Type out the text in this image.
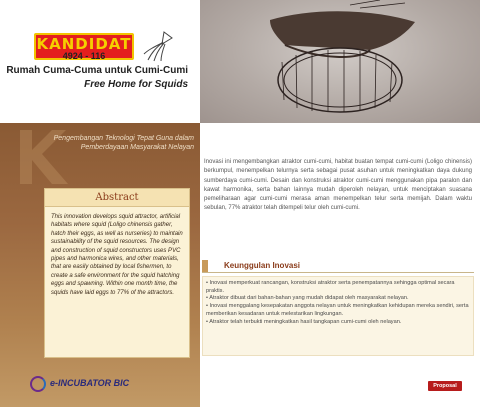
KANDIDAT
4924 - 116
Rumah Cuma-Cuma untuk Cumi-Cumi
Free Home for Squids
Pengembangan Teknologi Tepat Guna dalam Pemberdayaan Masyarakat Nelayan
Abstract
This innovation develops squid attractor, artificial habitats where squid (Loligo chinensis gather, hatch their eggs, as well as nurseries) to maintain sustainability of the squid resources. The design and construction of squid constructors uses PVC pipes and harmonica wires, and other materials, that are easily obtained by local fishermen, to create a safe environment for the squid hatching eggs and spawning. Within one month time, the squids have laid eggs to 77% of the attractors.
e-INCUBATOR BIC
Inovasi ini mengembangkan atraktor cumi-cumi, habitat buatan tempat cumi-cumi (Loligo chinensis) berkumpul, menempelkan telurnya serta sebagai pusat asuhan untuk meningkatkan daya dukung sumberdaya cumi-cumi. Desain dan konstruksi atraktor cumi-cumi menggunakan pipa paralon dan kawat harmonika, serta bahan lainnya mudah diperoleh nelayan, untuk menciptakan suasana pemeliharaan agar cumi-cumi merasa aman menempelkan telur serta memijah. Dalam waktu sebulan, 77% atraktor telah ditempeli telur oleh cumi-cumi.
Keunggulan Inovasi
• Inovasi memperkuat rancangan, konstruksi atraktor serta penempatannya sehingga optimal secara praktis.
• Atraktor dibuat dari bahan-bahan yang mudah didapat oleh masyarakat nelayan.
• Inovasi menggalang kesepakatan anggota nelayan untuk meningkatkan kehidupan mereka sendiri, serta memberikan kesadaran untuk melestarikan lingkungan.
• Atraktor telah terbukti meningkatkan hasil tangkapan cumi-cumi oleh nelayan.
Proposal
